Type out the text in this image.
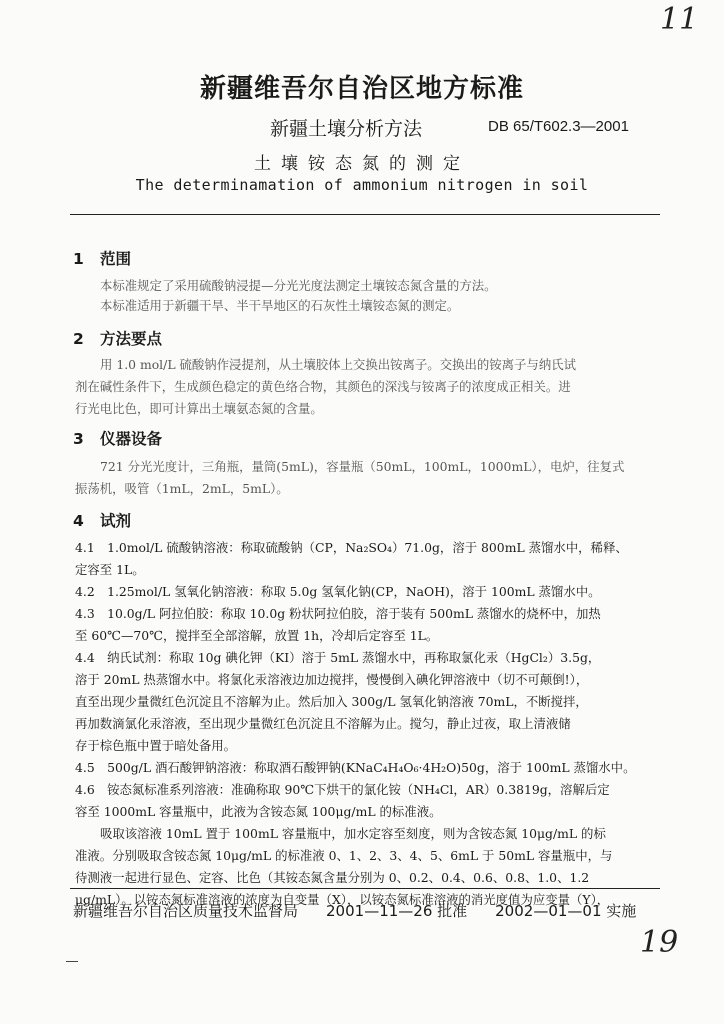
11
新疆维吾尔自治区地方标准
新疆土壤分析方法	DB 65/T602.3—2001
土壤铵态氮的测定
The determinamation of ammonium nitrogen in soil
1 范围
本标准规定了采用硫酸钠浸提—分光光度法测定土壤铵态氮含量的方法。
本标准适用于新疆干旱、半干旱地区的石灰性土壤铵态氮的测定。
2 方法要点
用 1.0 mol/L 硫酸钠作浸提剂，从土壤胶体上交换出铵离子。交换出的铵离子与纳氏试
剂在碱性条件下，生成颜色稳定的黄色络合物，其颜色的深浅与铵离子的浓度成正相关。进
行光电比色，即可计算出土壤氨态氮的含量。
3 仪器设备
721 分光光度计，三角瓶，量筒(5mL)，容量瓶（50mL，100mL，1000mL），电炉，往复式
振荡机，吸管（1mL，2mL，5mL）。
4 试剂
4.1　1.0mol/L 硫酸钠溶液：称取硫酸钠（CP，Na₂SO₄）71.0g，溶于 800mL 蒸馏水中，稀释、
定容至 1L。
4.2　1.25mol/L 氢氧化钠溶液：称取 5.0g 氢氧化钠(CP，NaOH)，溶于 100mL 蒸馏水中。
4.3　10.0g/L 阿拉伯胶：称取 10.0g 粉状阿拉伯胶，溶于装有 500mL 蒸馏水的烧杯中，加热
至 60℃—70℃，搅拌至全部溶解，放置 1h，冷却后定容至 1L。
4.4　纳氏试剂：称取 10g 碘化钾（KI）溶于 5mL 蒸馏水中，再称取氯化汞（HgCl₂）3.5g，
溶于 20mL 热蒸馏水中。将氯化汞溶液边加边搅拌，慢慢倒入碘化钾溶液中（切不可颠倒!），
直至出现少量微红色沉淀且不溶解为止。然后加入 300g/L 氢氧化钠溶液 70mL，不断搅拌，
再加数滴氯化汞溶液，至出现少量微红色沉淀且不溶解为止。搅匀，静止过夜，取上清液储
存于棕色瓶中置于暗处备用。
4.5　500g/L 酒石酸钾钠溶液：称取酒石酸钾钠(KNaC₄H₄O₆·4H₂O)50g，溶于 100mL 蒸馏水中。
4.6　铵态氮标准系列溶液：准确称取 90℃下烘干的氯化铵（NH₄Cl，AR）0.3819g，溶解后定
容至 1000mL 容量瓶中，此液为含铵态氮 100μg/mL 的标准液。
吸取该溶液 10mL 置于 100mL 容量瓶中，加水定容至刻度，则为含铵态氮 10μg/mL 的标
准液。分别吸取含铵态氮 10μg/mL 的标准液 0、1、2、3、4、5、6mL 于 50mL 容量瓶中，与
待测液一起进行显色、定容、比色（其铵态氮含量分别为 0、0.2、0.4、0.6、0.8、1.0、1.2
μg/mL）。以铵态氮标准溶液的浓度为自变量（X），以铵态氮标准溶液的消光度值为应变量（Y），
新疆维吾尔自治区质量技术监督局 2001—11—26 批准 2002—01—01 实施
19
